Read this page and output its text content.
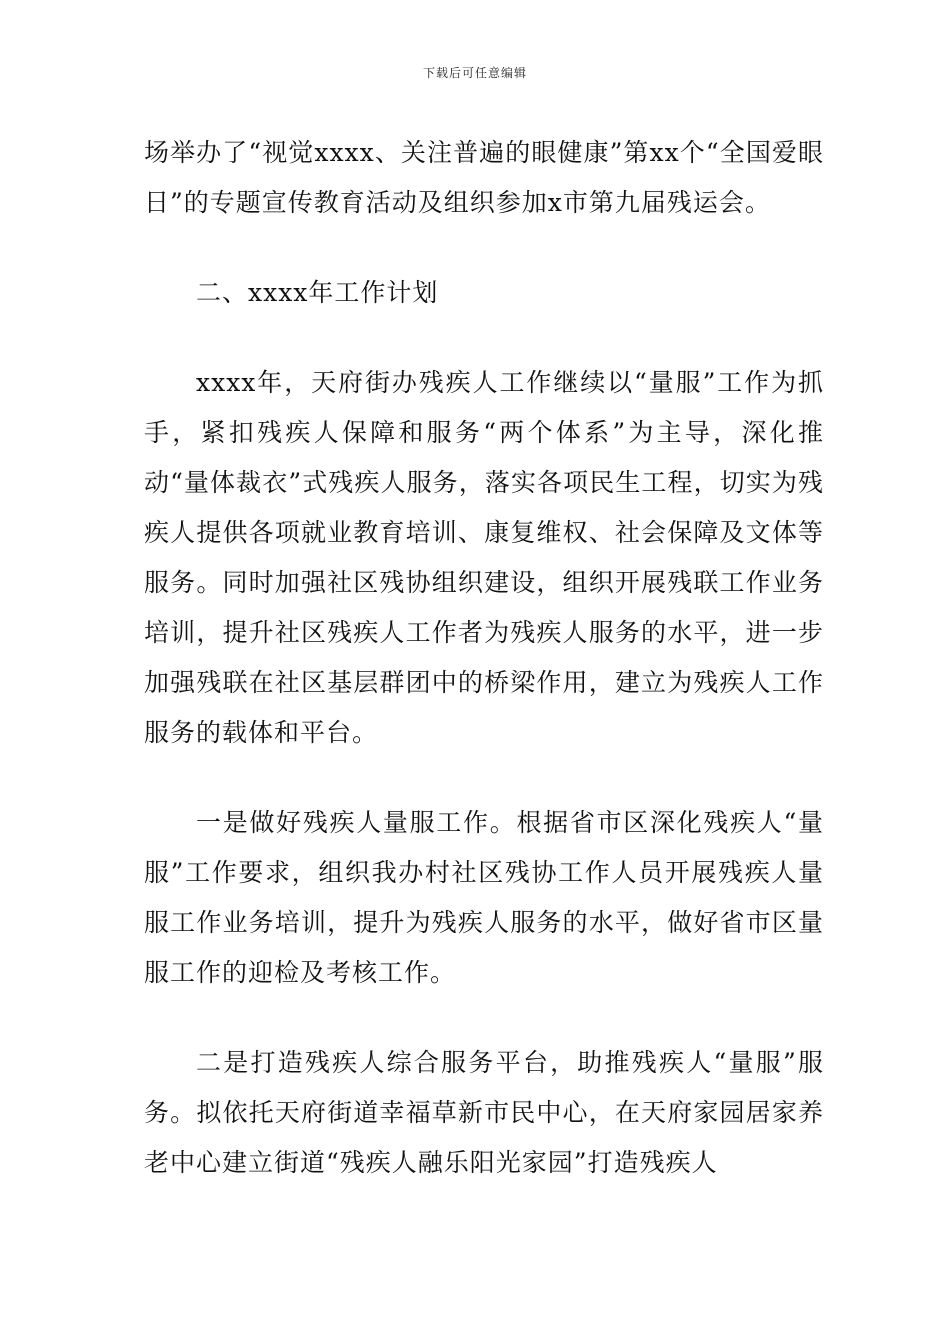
下载后可任意编辑

场举办了“视觉xxxx、关注普遍的眼健康”第xx个“全国爱眼日”的专题宣传教育活动及组织参加x市第九届残运会。

二、xxxx年工作计划

xxxx年，天府街办残疾人工作继续以“量服”工作为抓手，紧扣残疾人保障和服务“两个体系”为主导，深化推动“量体裁衣”式残疾人服务，落实各项民生工程，切实为残疾人提供各项就业教育培训、康复维权、社会保障及文体等服务。同时加强社区残协组织建设，组织开展残联工作业务培训，提升社区残疾人工作者为残疾人服务的水平，进一步加强残联在社区基层群团中的桥梁作用，建立为残疾人工作服务的载体和平台。

一是做好残疾人量服工作。根据省市区深化残疾人“量服”工作要求，组织我办村社区残协工作人员开展残疾人量服工作业务培训，提升为残疾人服务的水平，做好省市区量服工作的迎检及考核工作。

二是打造残疾人综合服务平台，助推残疾人“量服”服务。拟依托天府街道幸福草新市民中心，在天府家园居家养老中心建立街道“残疾人融乐阳光家园”打造残疾人
